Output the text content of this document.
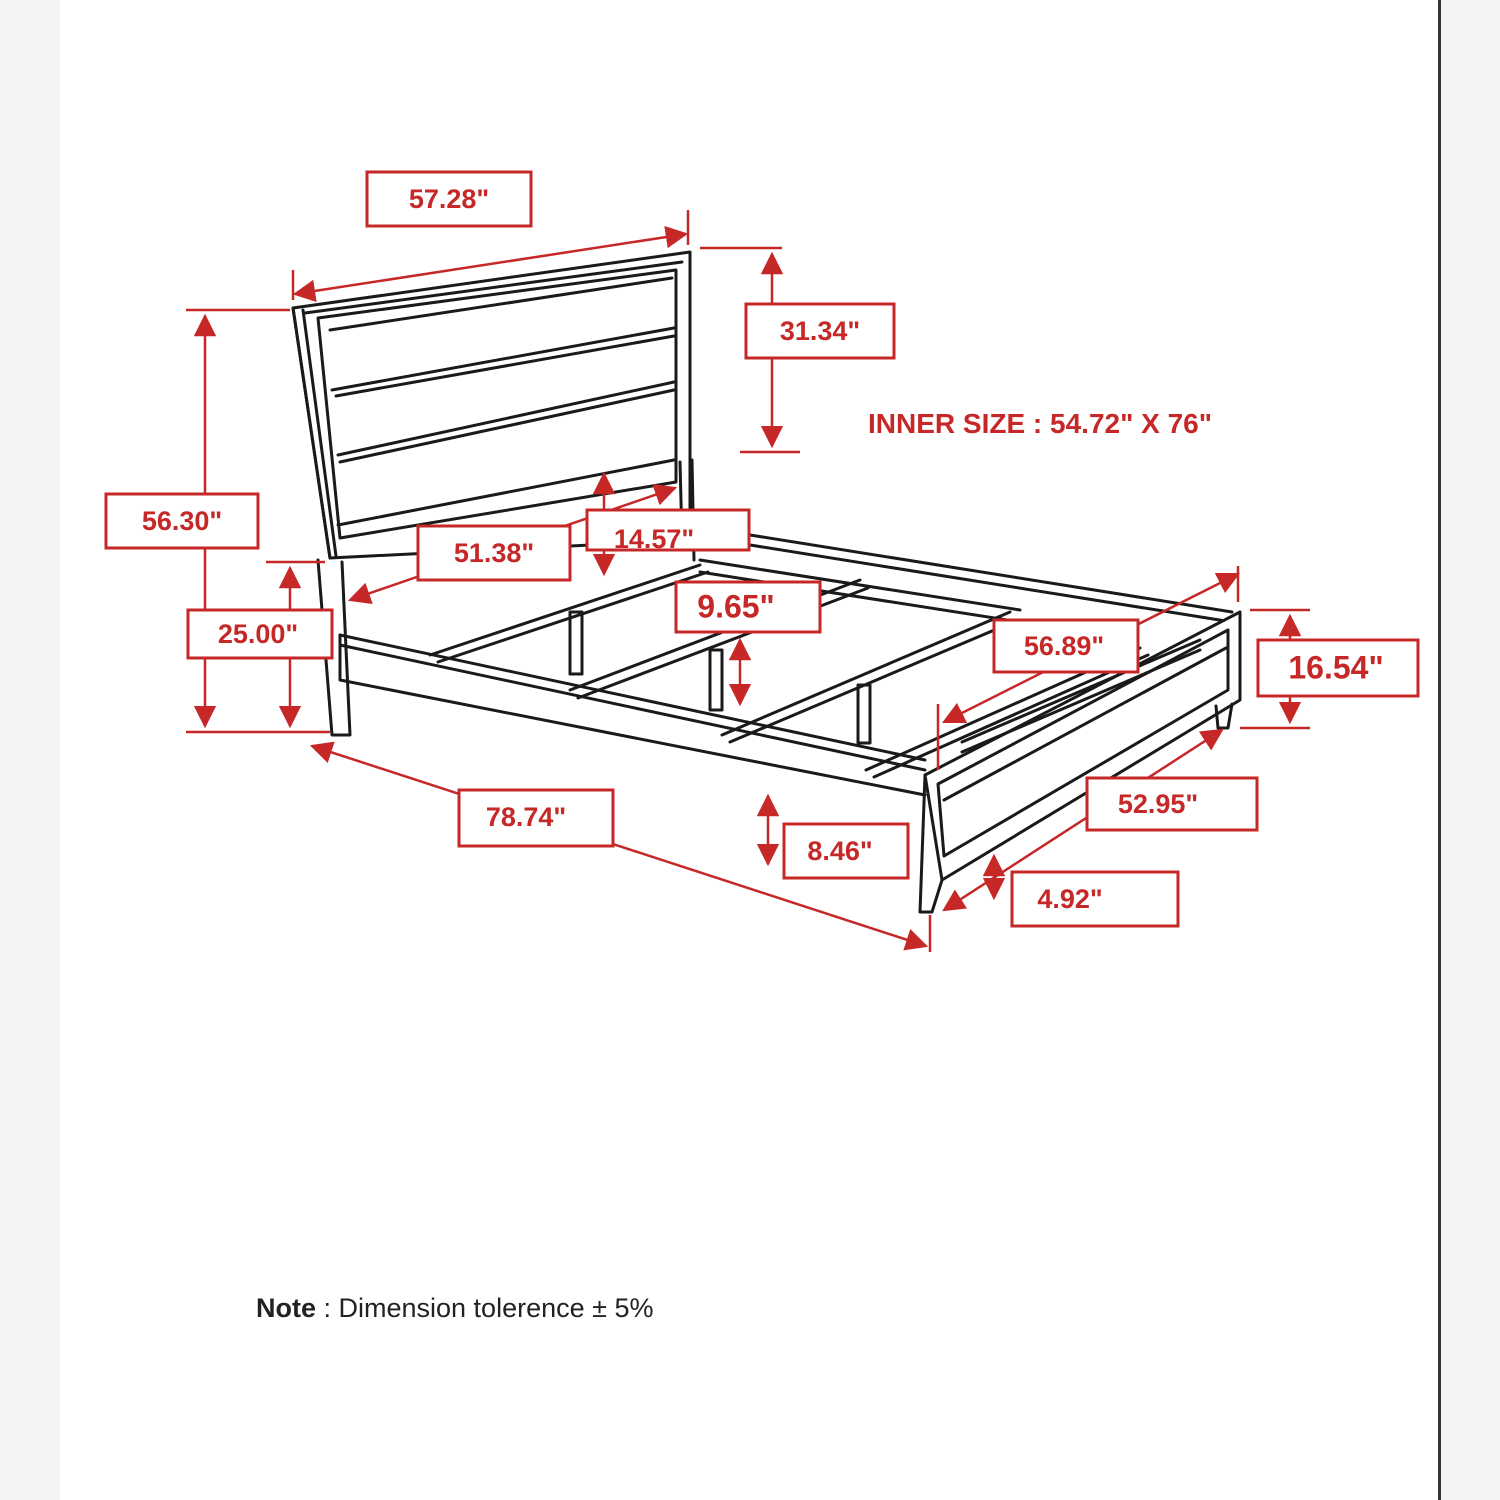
57.28"
31.34"
56.30"
51.38"	14.57"
25.00"
9.65"
56.89"
16.54"
78.74"
8.46"
52.95"
4.92"
INNER SIZE : 54.72" X 76"
Note : Dimension tolerence ± 5%
